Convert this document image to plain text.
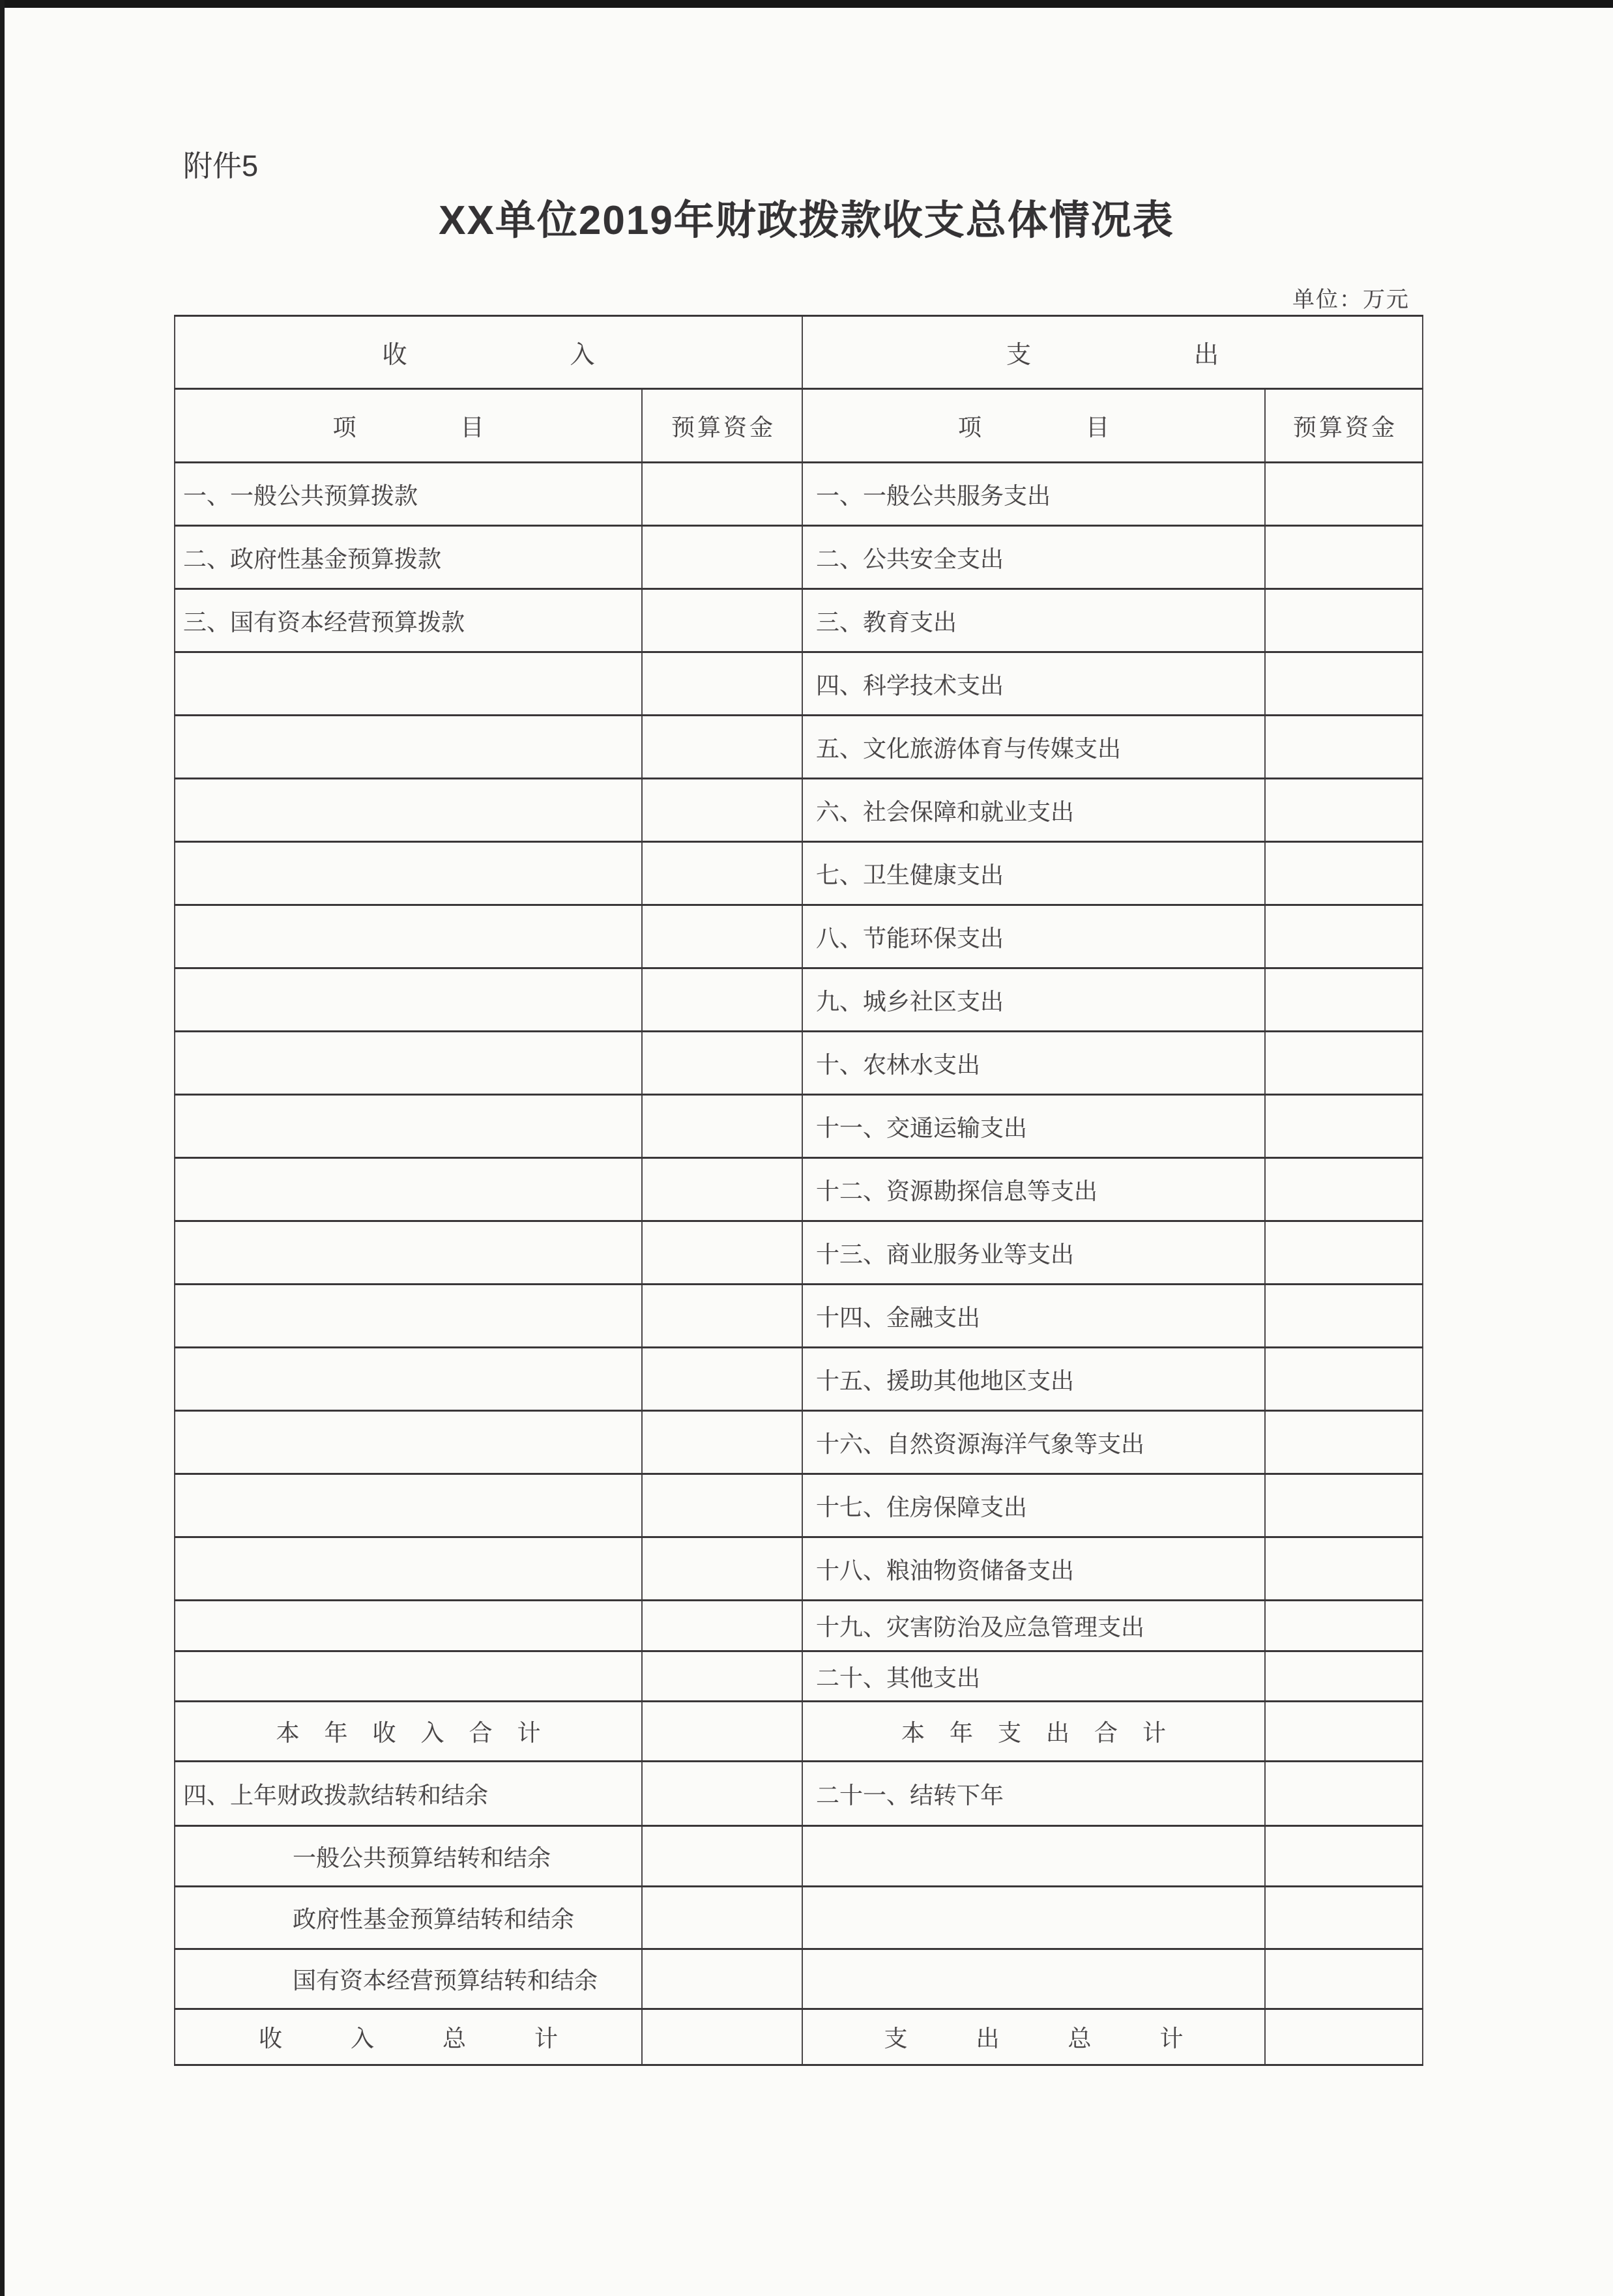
附件5
XX单位2019年财政拨款收支总体情况表
单位：万元
收入		支出	
项目	预算资金	项目	预算资金
一、一般公共预算拨款		一、一般公共服务支出	
二、政府性基金预算拨款		二、公共安全支出	
三、国有资本经营预算拨款		三、教育支出	
		四、科学技术支出	
		五、文化旅游体育与传媒支出	
		六、社会保障和就业支出	
		七、卫生健康支出	
		八、节能环保支出	
		九、城乡社区支出	
		十、农林水支出	
		十一、交通运输支出	
		十二、资源勘探信息等支出	
		十三、商业服务业等支出	
		十四、金融支出	
		十五、援助其他地区支出	
		十六、自然资源海洋气象等支出	
		十七、住房保障支出	
		十八、粮油物资储备支出	
		十九、灾害防治及应急管理支出	
		二十、其他支出	
本年收入合计		本年支出合计	
四、上年财政拨款结转和结余		二十一、结转下年	
一般公共预算结转和结余			
政府性基金预算结转和结余			
国有资本经营预算结转和结余			
收入总计		支出总计	
